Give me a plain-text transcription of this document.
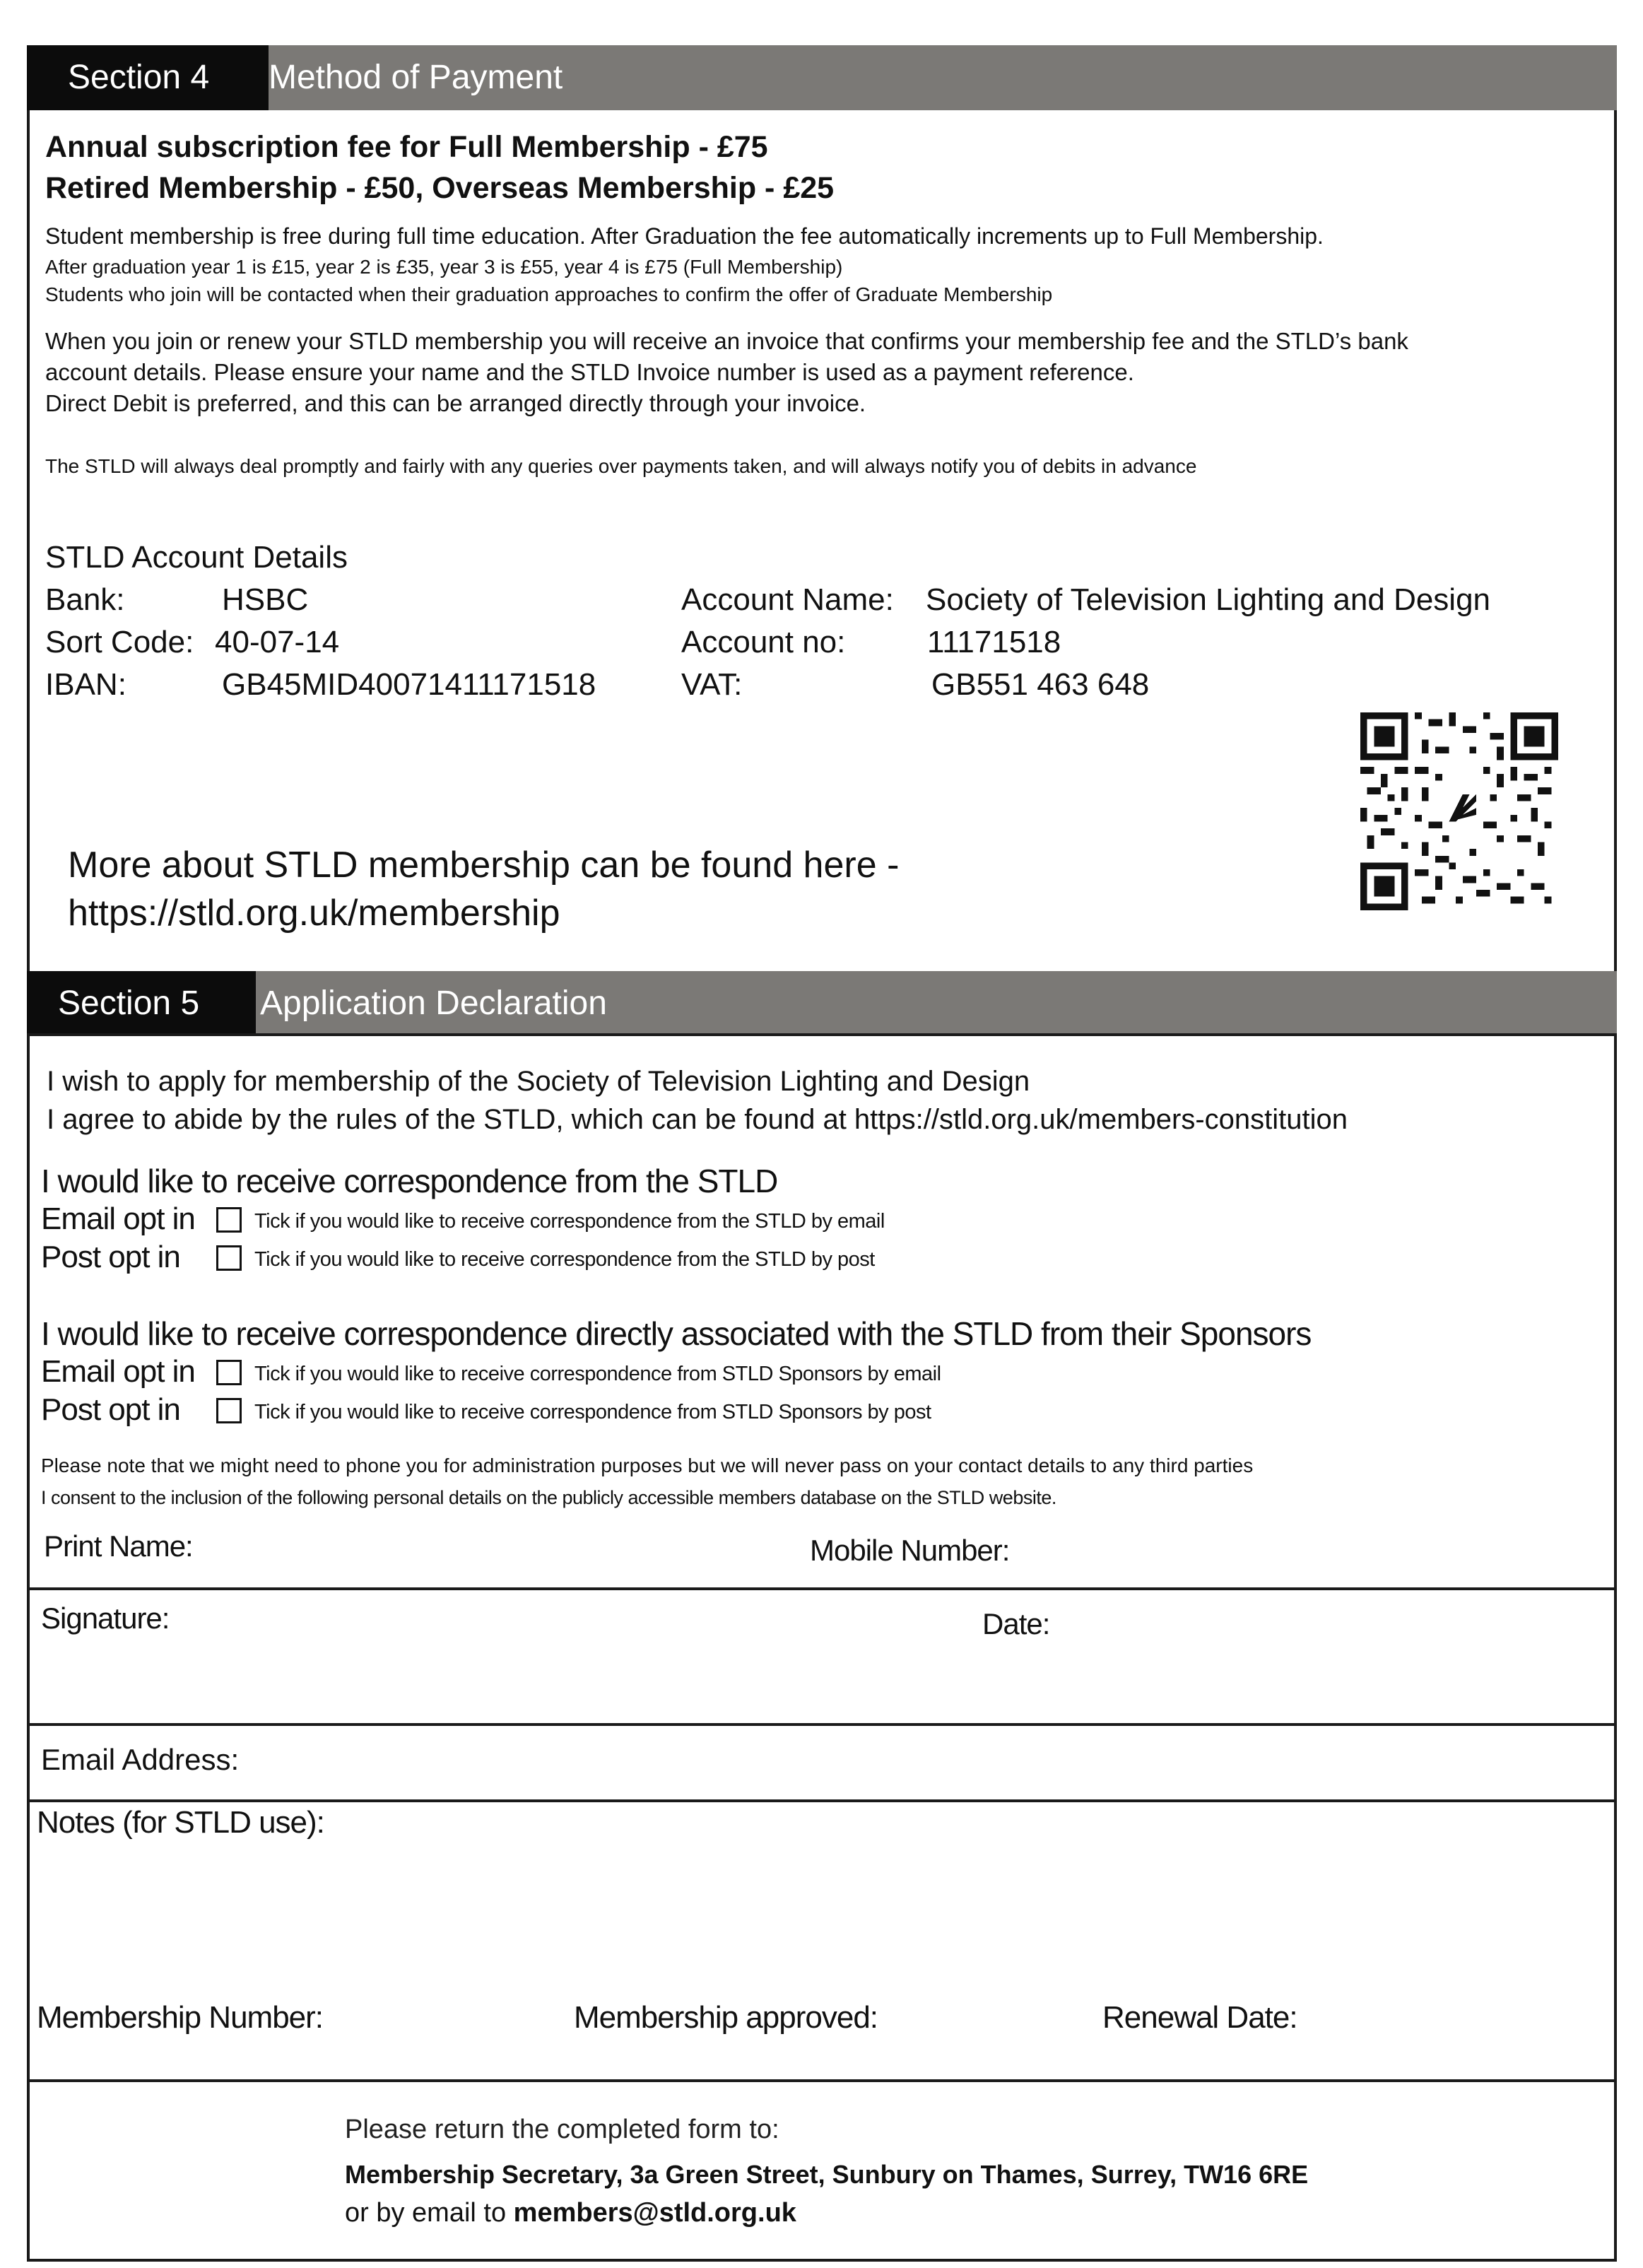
Section 4	Method of Payment
Annual subscription fee for Full Membership - £75
Retired Membership - £50, Overseas Membership - £25
Student membership is free during full time education. After Graduation the fee automatically increments up to Full Membership.
After graduation year 1 is £15, year 2 is £35, year 3 is £55, year 4 is £75 (Full Membership)
Students who join will be contacted when their graduation approaches to confirm the offer of Graduate Membership
When you join or renew your STLD membership you will receive an invoice that confirms your membership fee and the STLD’s bank
account details. Please ensure your name and the STLD Invoice number is used as a payment reference.
Direct Debit is preferred, and this can be arranged directly through your invoice.
The STLD will always deal promptly and fairly with any queries over payments taken, and will always notify you of debits in advance
STLD Account Details
Bank:	HSBC
Sort Code: 40-07-14
IBAN:	GB45MID40071411171518
Account Name: Society of Television Lighting and Design
Account no:	11171518
VAT:	GB551 463 648
More about STLD membership can be found here -
https://stld.org.uk/membership
Section 5	Application Declaration
I wish to apply for membership of the Society of Television Lighting and Design
I agree to abide by the rules of the STLD, which can be found at https://stld.org.uk/members-constitution
I would like to receive correspondence from the STLD
Email opt in	Tick if you would like to receive correspondence from the STLD by email
Post opt in	Tick if you would like to receive correspondence from the STLD by post
I would like to receive correspondence directly associated with the STLD from their Sponsors
Email opt in	Tick if you would like to receive correspondence from STLD Sponsors by email
Post opt in	Tick if you would like to receive correspondence from STLD Sponsors by post
Please note that we might need to phone you for administration purposes but we will never pass on your contact details to any third parties
I consent to the inclusion of the following personal details on the publicly accessible members database on the STLD website.
Print Name:	Mobile Number:
Signature:	Date:
Email Address:
Notes (for STLD use):
Membership Number:	Membership approved:	Renewal Date:
Please return the completed form to:
Membership Secretary, 3a Green Street, Sunbury on Thames, Surrey, TW16 6RE
or by email to members@stld.org.uk
